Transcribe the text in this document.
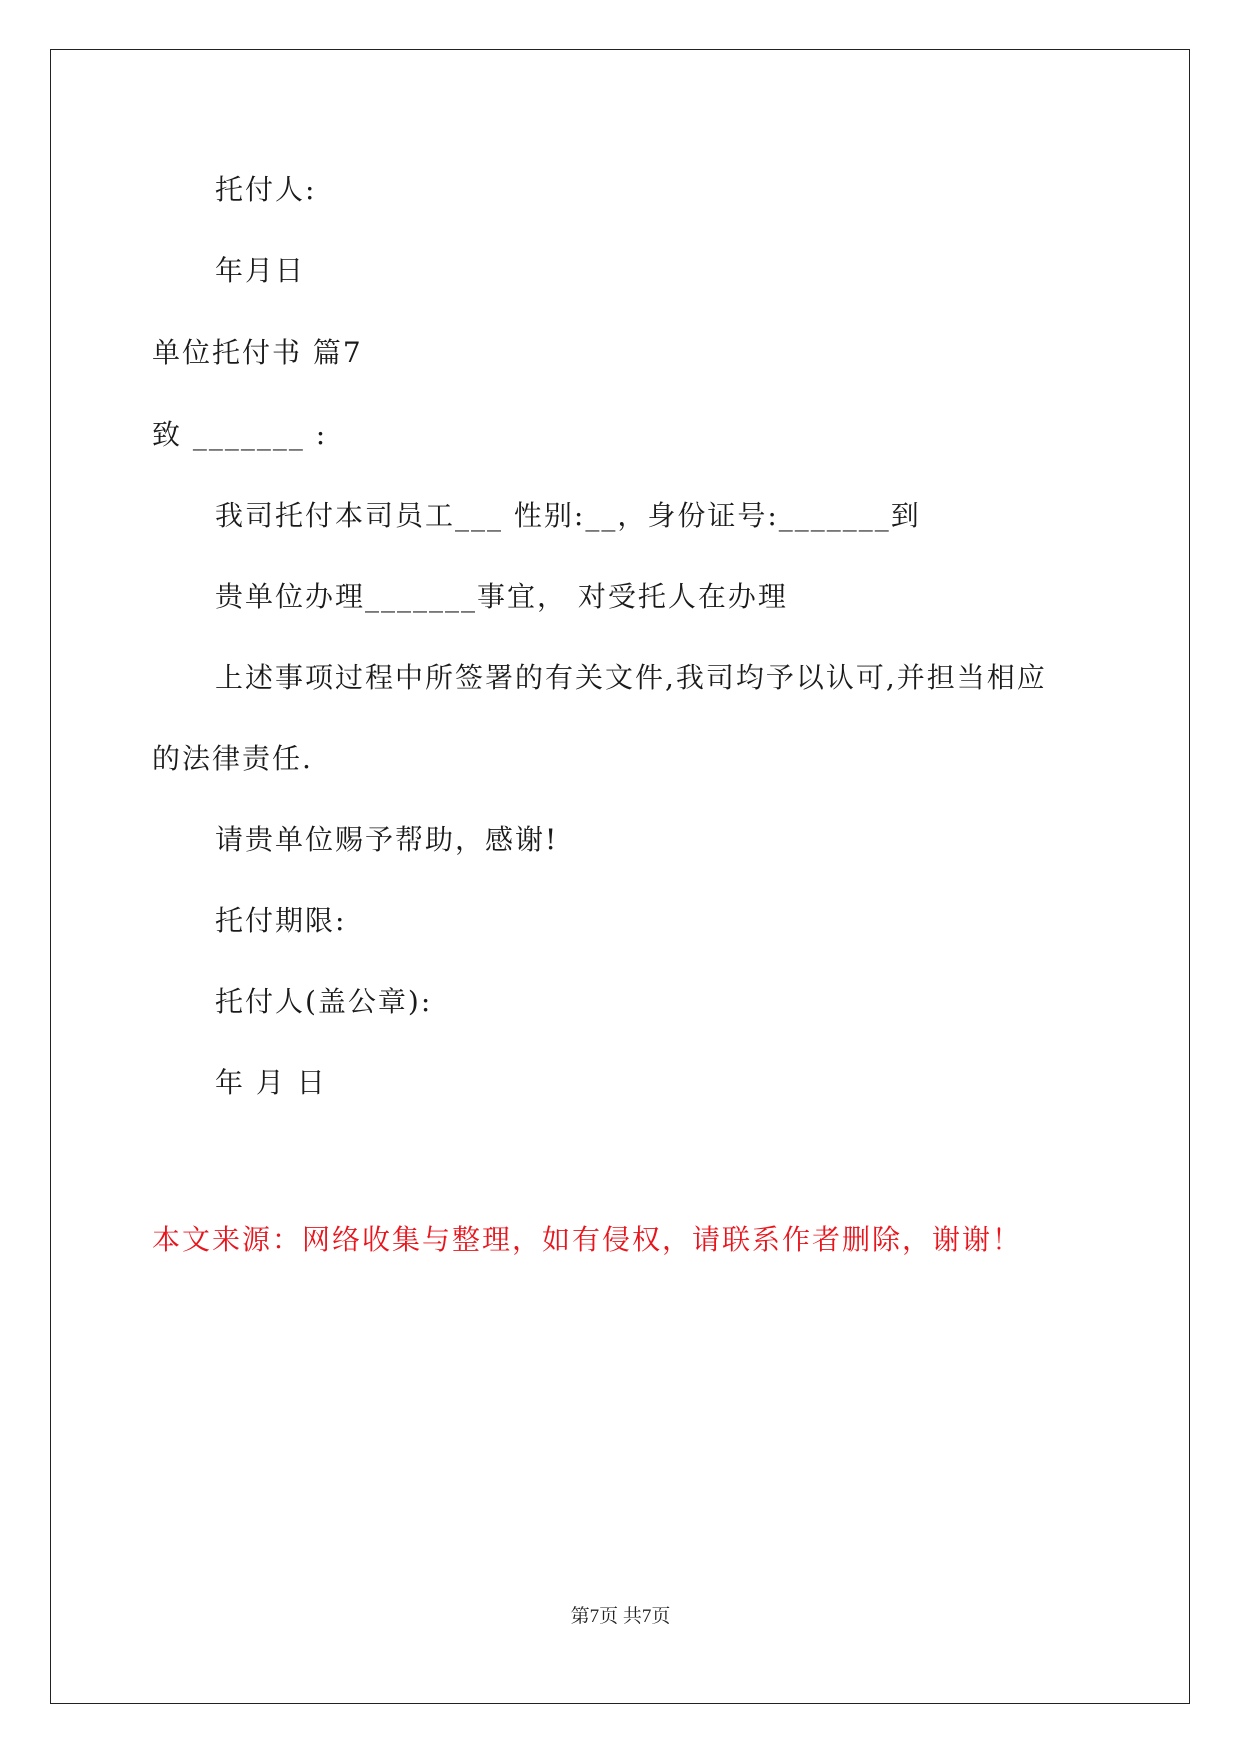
托付人:
年月日
单位托付书 篇7
致 _______ :
我司托付本司员工___ 性别:__，身份证号:_______到
贵单位办理_______事宜， 对受托人在办理
上述事项过程中所签署的有关文件,我司均予以认可,并担当相应
的法律责任.
请贵单位赐予帮助，感谢!
托付期限:
托付人(盖公章):
年 月 日
本文来源：网络收集与整理，如有侵权，请联系作者删除，谢谢！
第7页 共7页
